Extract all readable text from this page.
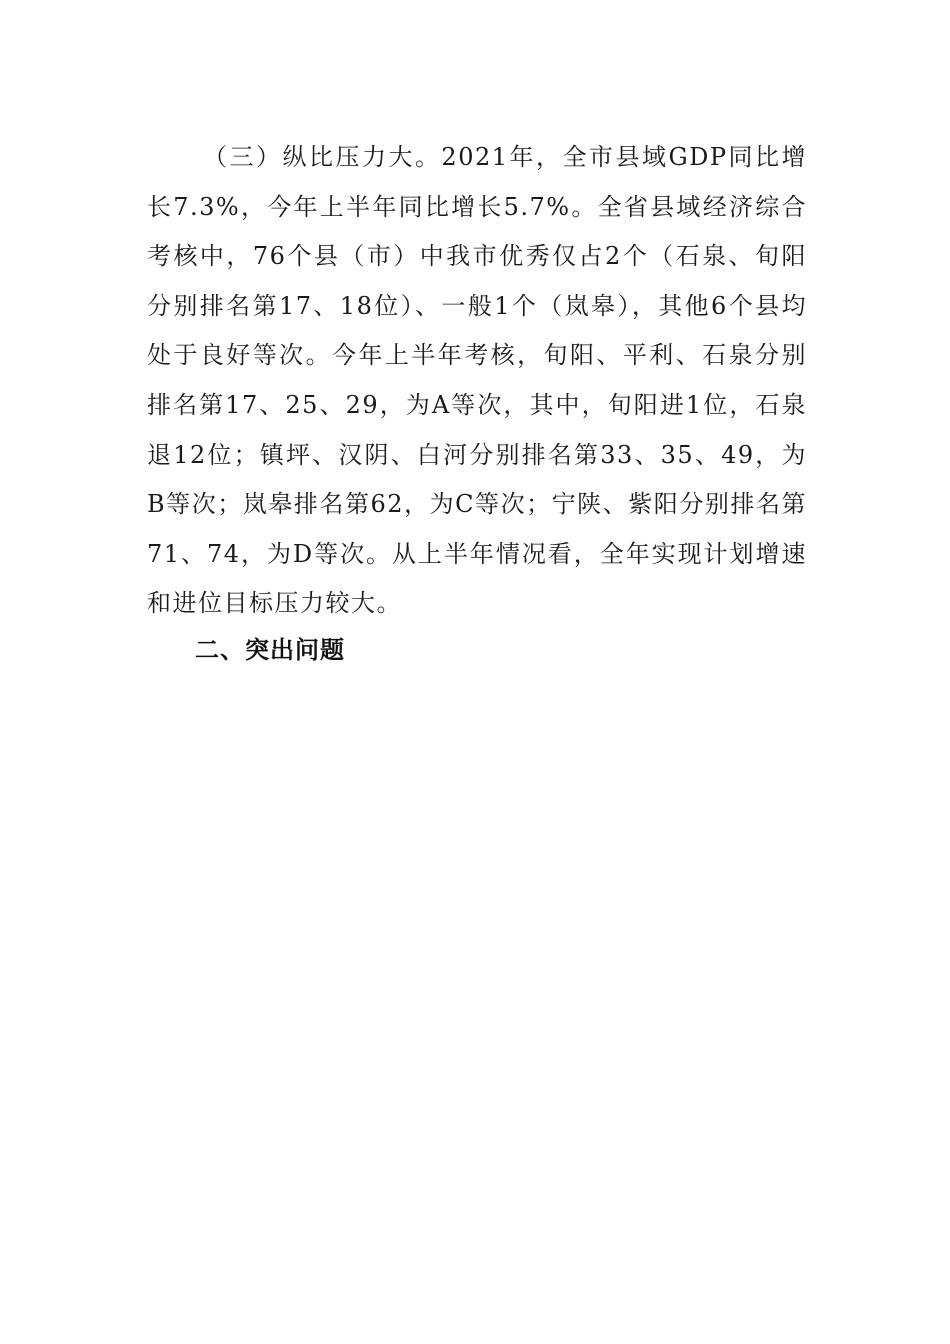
（三）纵比压力大。2021年，全市县域GDP同比增长7.3%，今年上半年同比增长5.7%。全省县域经济综合考核中，76个县（市）中我市优秀仅占2个（石泉、旬阳分别排名第17、18位）、一般1个（岚皋），其他6个县均处于良好等次。今年上半年考核，旬阳、平利、石泉分别排名第17、25、29，为A等次，其中，旬阳进1位，石泉退12位；镇坪、汉阴、白河分别排名第33、35、49，为B等次；岚皋排名第62，为C等次；宁陕、紫阳分别排名第71、74，为D等次。从上半年情况看，全年实现计划增速和进位目标压力较大。

二、突出问题
